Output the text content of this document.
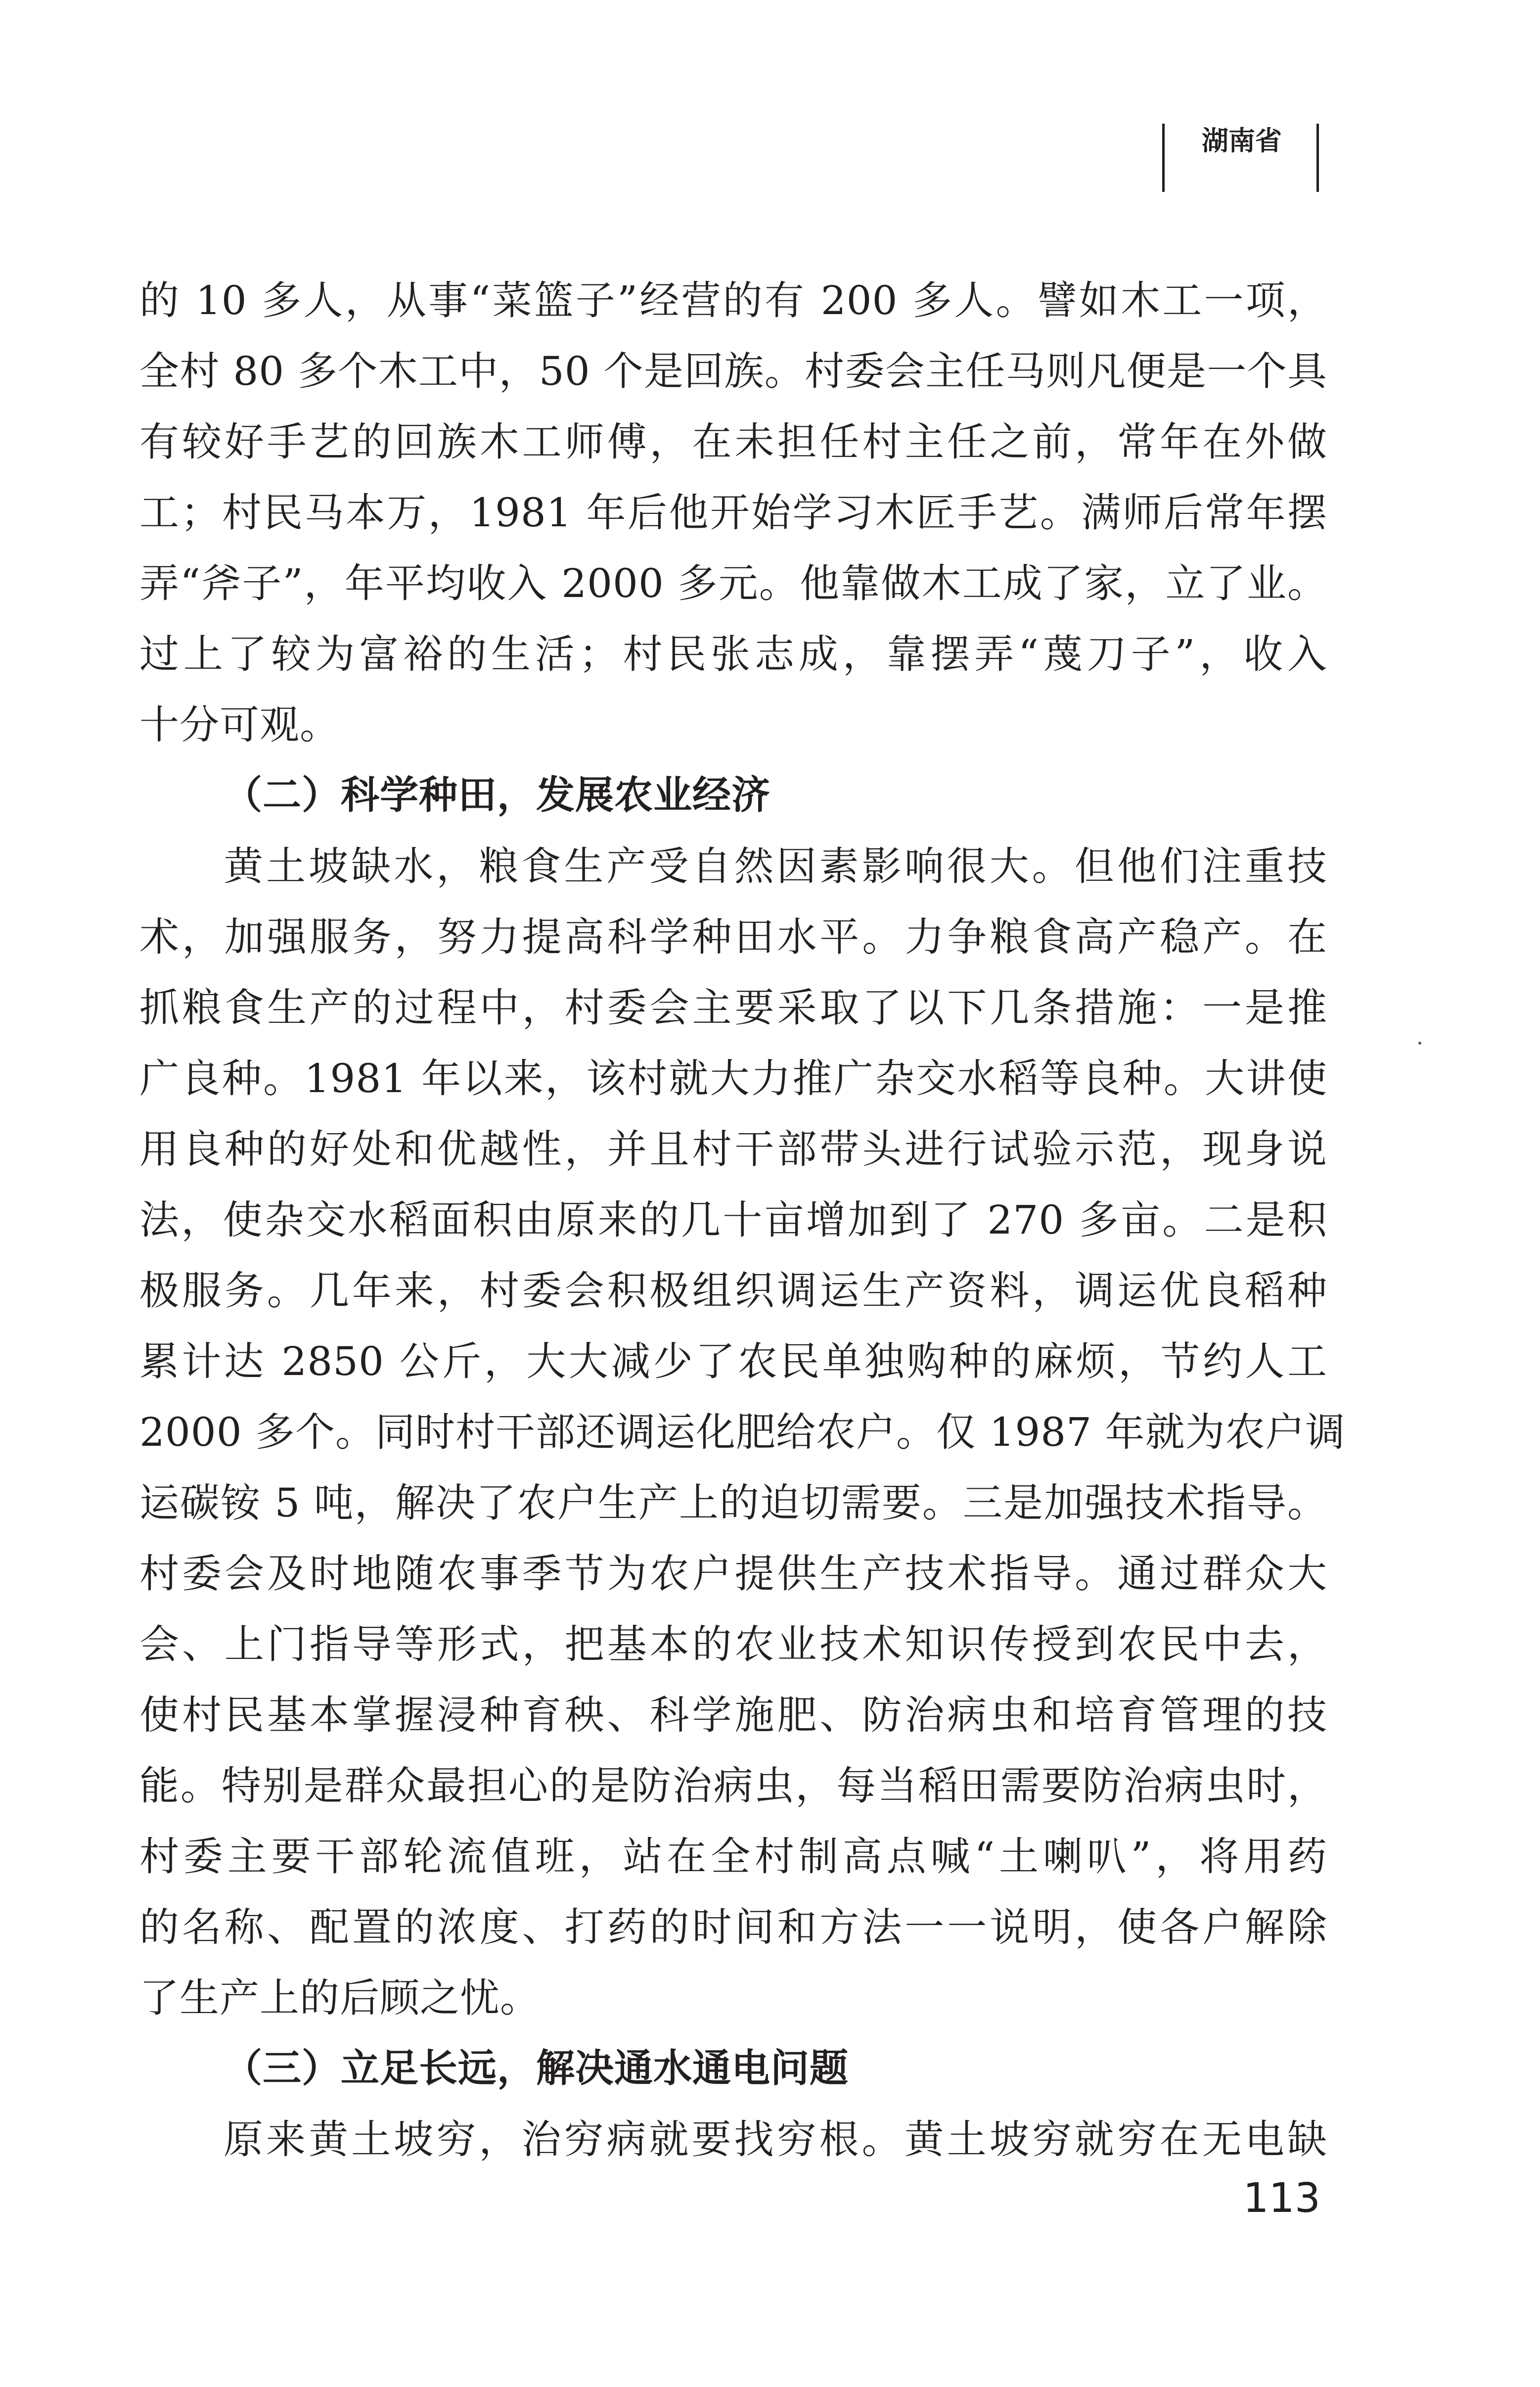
湖南省
的 10 多人，从事“菜篮子”经营的有 200 多人。譬如木工一项，
全村 80 多个木工中，50 个是回族。村委会主任马则凡便是一个具
有较好手艺的回族木工师傅，在未担任村主任之前，常年在外做
工；村民马本万，1981 年后他开始学习木匠手艺。满师后常年摆
弄“斧子”，年平均收入 2000 多元。他靠做木工成了家，立了业。
过上了较为富裕的生活；村民张志成，靠摆弄“蔑刀子”，收入
十分可观。
（二）科学种田，发展农业经济
黄土坡缺水，粮食生产受自然因素影响很大。但他们注重技
术，加强服务，努力提高科学种田水平。力争粮食高产稳产。在
抓粮食生产的过程中，村委会主要采取了以下几条措施：一是推
广良种。1981 年以来，该村就大力推广杂交水稻等良种。大讲使
用良种的好处和优越性，并且村干部带头进行试验示范，现身说
法，使杂交水稻面积由原来的几十亩增加到了 270 多亩。二是积
极服务。几年来，村委会积极组织调运生产资料，调运优良稻种
累计达 2850 公斤，大大减少了农民单独购种的麻烦，节约人工
2000 多个。同时村干部还调运化肥给农户。仅 1987 年就为农户调
运碳铵 5 吨，解决了农户生产上的迫切需要。三是加强技术指导。
村委会及时地随农事季节为农户提供生产技术指导。通过群众大
会、上门指导等形式，把基本的农业技术知识传授到农民中去，
使村民基本掌握浸种育秧、科学施肥、防治病虫和培育管理的技
能。特别是群众最担心的是防治病虫，每当稻田需要防治病虫时，
村委主要干部轮流值班，站在全村制高点喊“土喇叭”，将用药
的名称、配置的浓度、打药的时间和方法一一说明，使各户解除
了生产上的后顾之忧。
（三）立足长远，解决通水通电问题
原来黄土坡穷，治穷病就要找穷根。黄土坡穷就穷在无电缺
113
